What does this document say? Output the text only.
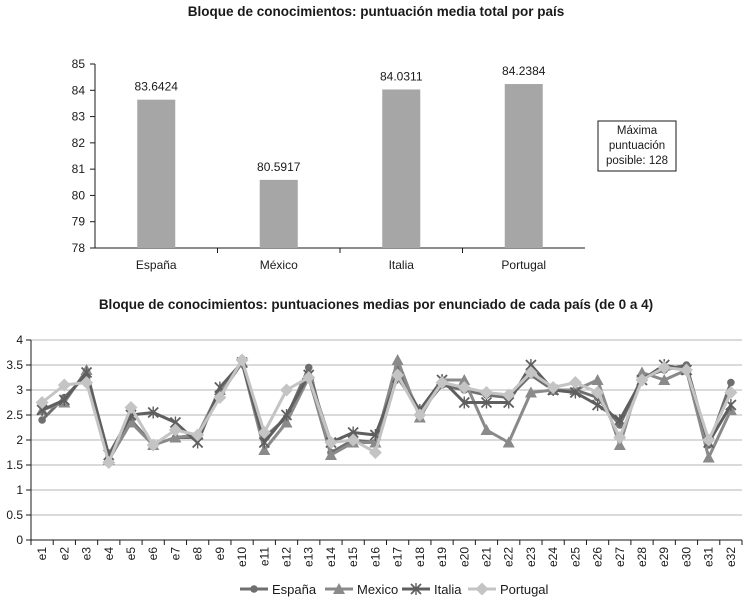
Bloque de conocimientos: puntuación media total por país
78
79
80
81
82
83
84
85
83.6424
80.5917
84.0311	84.2384
España	México	Italia	Portugal
Máxima
puntuación
posible: 128
Bloque de conocimientos: puntuaciones medias por enunciado de cada país (de 0 a 4)
0
0.5
1
1.5
2
2.5
3
3.5
4
e1 e2 e3 e4 e5 e6 e7 e8 e9 e10 e11 e12 e13 e14 e15 e16 e17 e18 e19 e20 e21 e22 e23 e24 e25 e26 e27 e28 e29 e30 e31 e32
España	Mexico	Italia	Portugal
